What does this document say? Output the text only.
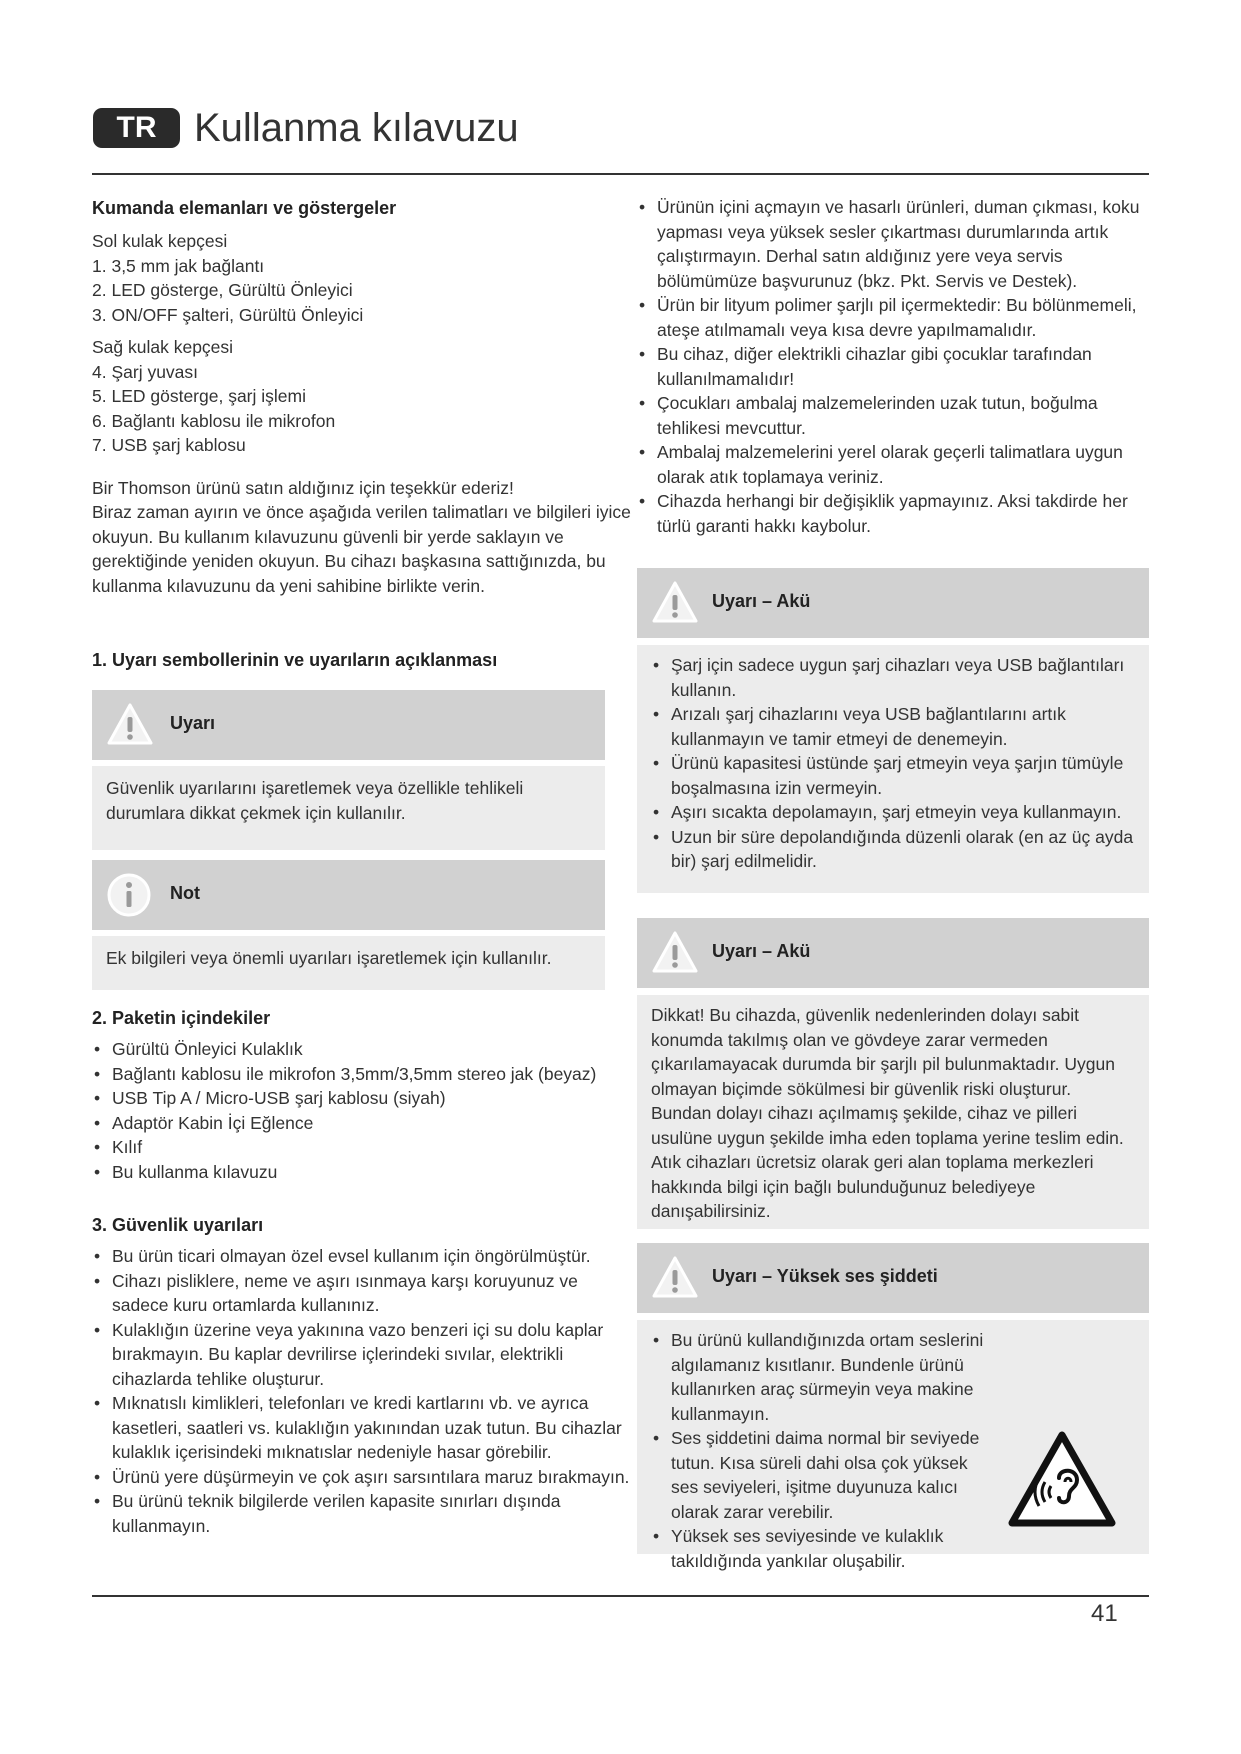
TR Kullanma kılavuzu
Kumanda elemanları ve göstergeler

Sol kulak kepçesi

1. 3,5 mm jak bağlantı

2. LED gösterge, Gürültü Önleyici

3. ON/OFF şalteri, Gürültü Önleyici

Sağ kulak kepçesi

4. Şarj yuvası

5. LED gösterge, şarj işlemi

6. Bağlantı kablosu ile mikrofon

7. USB şarj kablosu

Bir Thomson ürünü satın aldığınız için teşekkür ederiz!

Biraz zaman ayırın ve önce aşağıda verilen talimatları ve bilgileri iyice okuyun. Bu kullanım kılavuzunu güvenli bir yerde saklayın ve gerektiğinde yeniden okuyun. Bu cihazı başkasına sattığınızda, bu kullanma kılavuzunu da yeni sahibine birlikte verin.

1. Uyarı sembollerinin ve uyarıların açıklanması
Uyarı
Güvenlik uyarılarını işaretlemek veya özellikle tehlikeli durumlara dikkat çekmek için kullanılır.
Not
Ek bilgileri veya önemli uyarıları işaretlemek için kullanılır.
2. Paketin içindekiler
• Gürültü Önleyici Kulaklık
• Bağlantı kablosu ile mikrofon 3,5mm/3,5mm stereo jak (beyaz)
• USB Tip A / Micro-USB şarj kablosu (siyah)
• Adaptör Kabin İçi Eğlence
• Kılıf
• Bu kullanma kılavuzu
3. Güvenlik uyarıları
• Bu ürün ticari olmayan özel evsel kullanım için öngörülmüştür.
• Cihazı pisliklere, neme ve aşırı ısınmaya karşı koruyunuz ve sadece kuru ortamlarda kullanınız.
• Kulaklığın üzerine veya yakınına vazo benzeri içi su dolu kaplar bırakmayın. Bu kaplar devrilirse içlerindeki sıvılar, elektrikli cihazlarda tehlike oluşturur.
• Mıknatıslı kimlikleri, telefonları ve kredi kartlarını vb. ve ayrıca kasetleri, saatleri vs. kulaklığın yakınından uzak tutun. Bu cihazlar kulaklık içerisindeki mıknatıslar nedeniyle hasar görebilir.
• Ürünü yere düşürmeyin ve çok aşırı sarsıntılara maruz bırakmayın.
• Bu ürünü teknik bilgilerde verilen kapasite sınırları dışında kullanmayın.
• Ürünün içini açmayın ve hasarlı ürünleri, duman çıkması, koku yapması veya yüksek sesler çıkartması durumlarında artık çalıştırmayın. Derhal satın aldığınız yere veya servis bölümümüze başvurunuz (bkz. Pkt. Servis ve Destek).
• Ürün bir lityum polimer şarjlı pil içermektedir: Bu bölünmemeli, ateşe atılmamalı veya kısa devre yapılmamalıdır.
• Bu cihaz, diğer elektrikli cihazlar gibi çocuklar tarafından kullanılmamalıdır!
• Çocukları ambalaj malzemelerinden uzak tutun, boğulma tehlikesi mevcuttur.
• Ambalaj malzemelerini yerel olarak geçerli talimatlara uygun olarak atık toplamaya veriniz.
• Cihazda herhangi bir değişiklik yapmayınız. Aksi takdirde her türlü garanti hakkı kaybolur.
Uyarı – Akü
• Şarj için sadece uygun şarj cihazları veya USB bağlantıları kullanın.
• Arızalı şarj cihazlarını veya USB bağlantılarını artık kullanmayın ve tamir etmeyi de denemeyin.
• Ürünü kapasitesi üstünde şarj etmeyin veya şarjın tümüyle boşalmasına izin vermeyin.
• Aşırı sıcakta depolamayın, şarj etmeyin veya kullanmayın.
• Uzun bir süre depolandığında düzenli olarak (en az üç ayda bir) şarj edilmelidir.
Uyarı – Akü
Dikkat! Bu cihazda, güvenlik nedenlerinden dolayı sabit konumda takılmış olan ve gövdeye zarar vermeden çıkarılamayacak durumda bir şarjlı pil bulunmaktadır. Uygun olmayan biçimde sökülmesi bir güvenlik riski oluşturur. Bundan dolayı cihazı açılmamış şekilde, cihaz ve pilleri usulüne uygun şekilde imha eden toplama yerine teslim edin. Atık cihazları ücretsiz olarak geri alan toplama merkezleri hakkında bilgi için bağlı bulunduğunuz belediyeye danışabilirsiniz.
Uyarı – Yüksek ses şiddeti
• Bu ürünü kullandığınızda ortam seslerini algılamanız kısıtlanır. Bundenle ürünü kullanırken araç sürmeyin veya makine kullanmayın.
• Ses şiddetini daima normal bir seviyede tutun. Kısa süreli dahi olsa çok yüksek ses seviyeleri, işitme duyunuza kalıcı olarak zarar verebilir.
• Yüksek ses seviyesinde ve kulaklık takıldığında yankılar oluşabilir.
41
